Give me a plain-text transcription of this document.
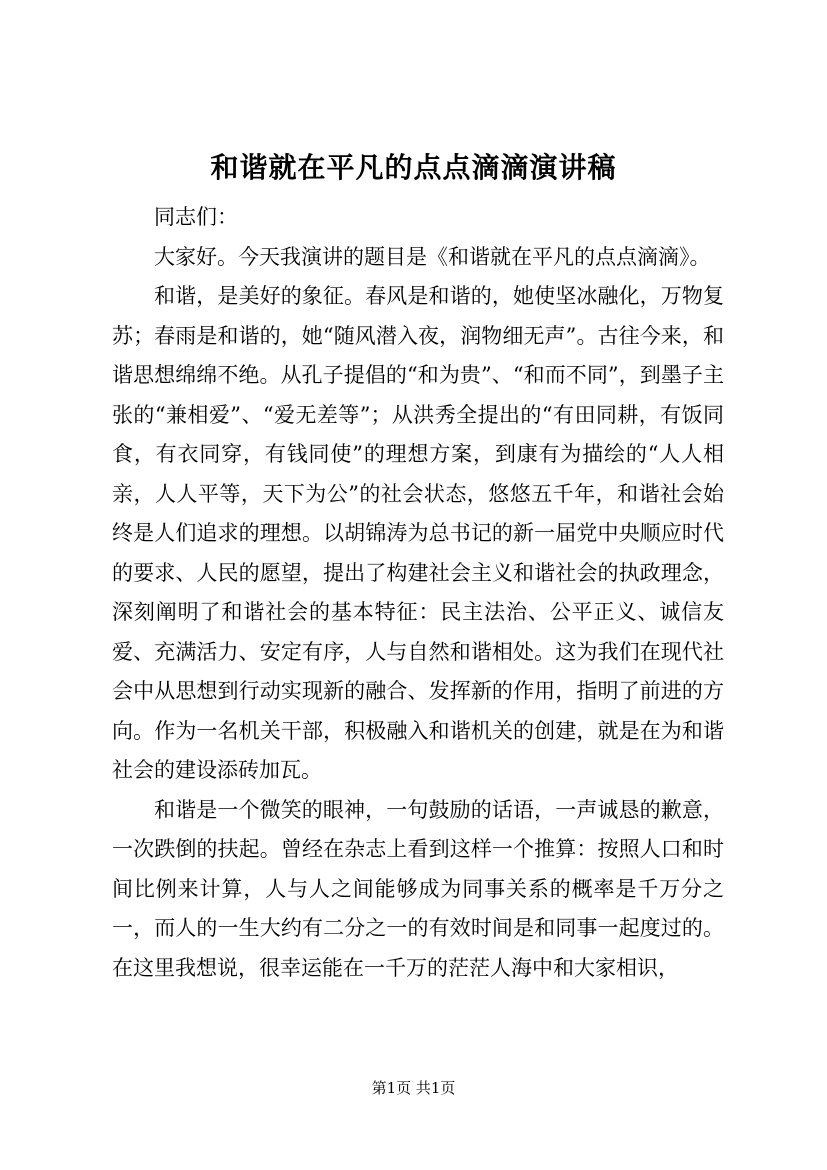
和谐就在平凡的点点滴滴演讲稿

同志们：

大家好。今天我演讲的题目是《和谐就在平凡的点点滴滴》。

和谐，是美好的象征。春风是和谐的，她使坚冰融化，万物复苏；春雨是和谐的，她“随风潜入夜，润物细无声”。古往今来，和谐思想绵绵不绝。从孔子提倡的“和为贵”、“和而不同”，到墨子主张的“兼相爱”、“爱无差等”；从洪秀全提出的“有田同耕，有饭同食，有衣同穿，有钱同使”的理想方案，到康有为描绘的“人人相亲，人人平等，天下为公”的社会状态，悠悠五千年，和谐社会始终是人们追求的理想。以胡锦涛为总书记的新一届党中央顺应时代的要求、人民的愿望，提出了构建社会主义和谐社会的执政理念，深刻阐明了和谐社会的基本特征：民主法治、公平正义、诚信友爱、充满活力、安定有序，人与自然和谐相处。这为我们在现代社会中从思想到行动实现新的融合、发挥新的作用，指明了前进的方向。作为一名机关干部，积极融入和谐机关的创建，就是在为和谐社会的建设添砖加瓦。

和谐是一个微笑的眼神，一句鼓励的话语，一声诚恳的歉意，一次跌倒的扶起。曾经在杂志上看到这样一个推算：按照人口和时间比例来计算，人与人之间能够成为同事关系的概率是千万分之一，而人的一生大约有二分之一的有效时间是和同事一起度过的。在这里我想说，很幸运能在一千万的茫茫人海中和大家相识，

第1页 共1页
